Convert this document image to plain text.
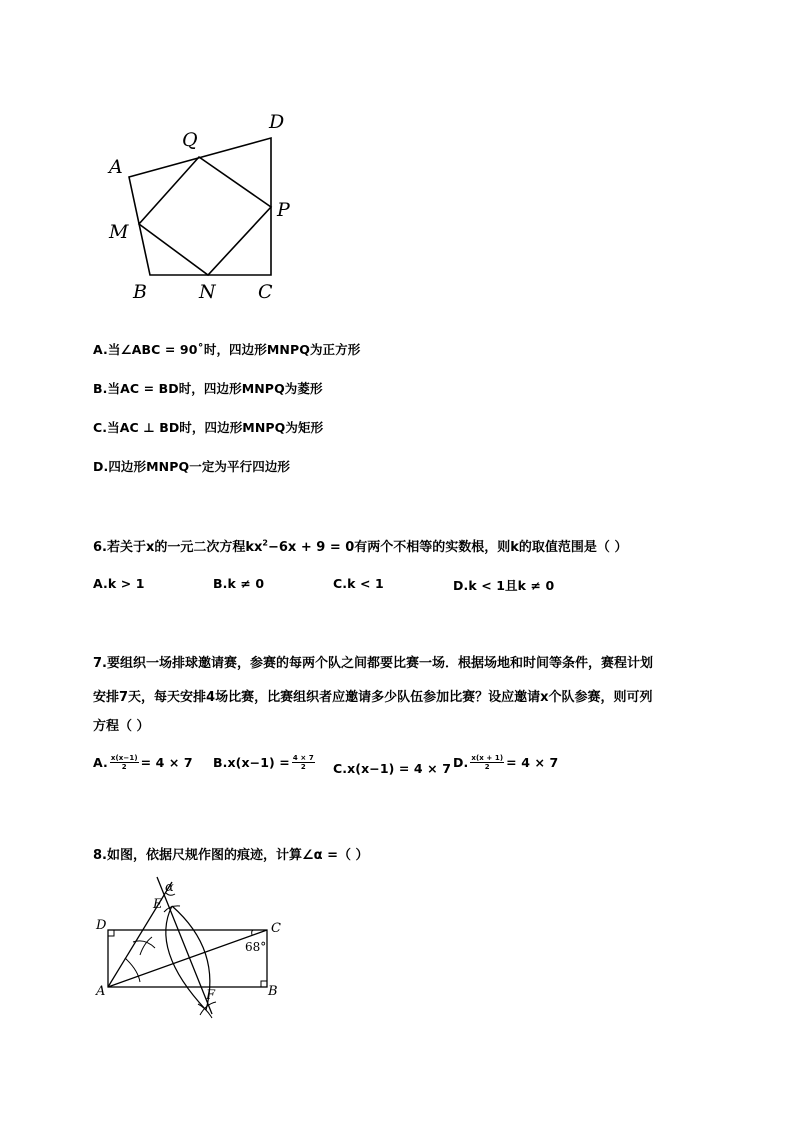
D
Q
A
P
M
B	N C
A.当∠ABC = 90˚时，四边形MNPQ为正方形
B.当AC = BD时，四边形MNPQ为菱形
C.当AC ⊥ BD时，四边形MNPQ为矩形
D.四边形MNPQ一定为平行四边形
6.若关于x的一元二次方程$kx^2-6x + 9 = 0$有两个不相等的实数根，则k的取值范围是（ ）
A.k > 1	B.k ≠ 0	C.k < 1	D.k < 1且k ≠ 0
7.要组织一场排球邀请赛，参赛的每两个队之间都要比赛一场．根据场地和时间等条件，赛程计划
安排7天，每天安排4场比赛，比赛组织者应邀请多少队伍参加比赛？设应邀请x个队参赛，则可列
方程（ ）
A. $\frac{x(x-1)}{2} = 4 \times 7$ $B.x(x-1) = \frac{4 \times 7}{2} C.x(x-1) = 4 \times 7$ D. $\frac{x(x + 1)}{2} = 4 \times 7$
8.如图，依据尺规作图的痕迹，计算∠α =（ ）
α
E
D	C
68°
A	F	B
